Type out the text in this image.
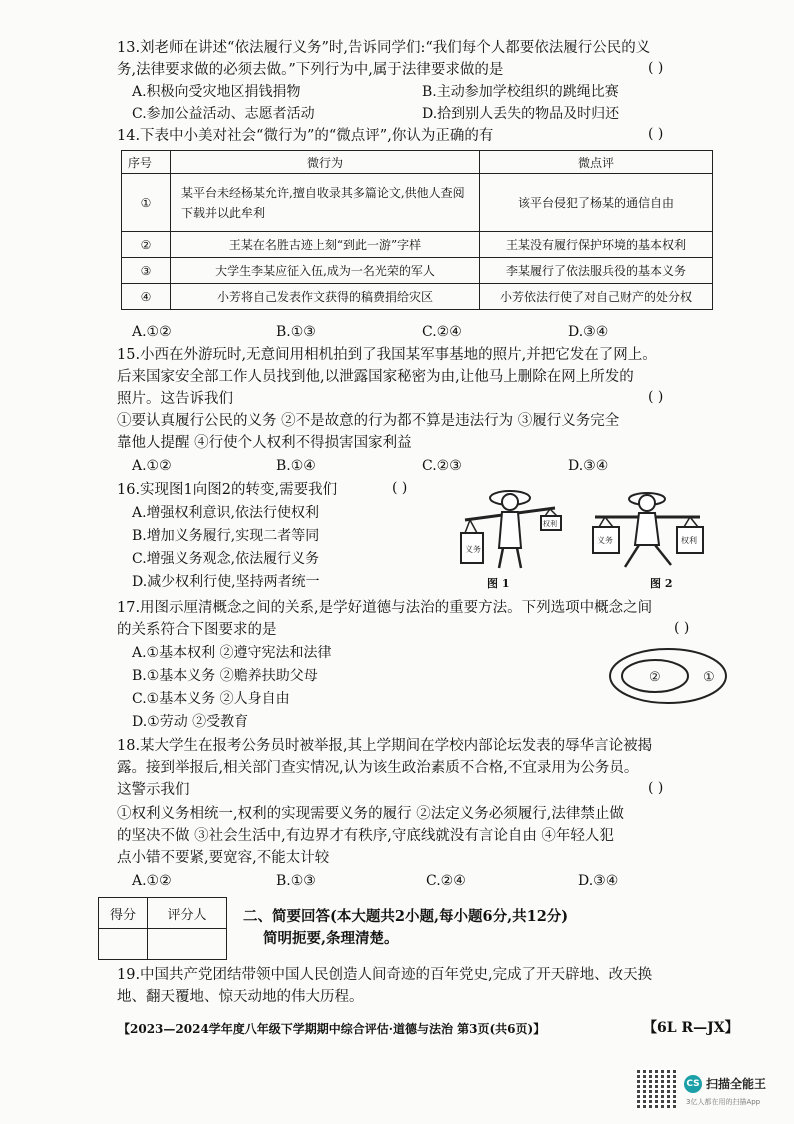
13.刘老师在讲述“依法履行义务”时,告诉同学们:“我们每个人都要依法履行公民的义
务,法律要求做的必须去做。”下列行为中,属于法律要求做的是	( )
A.积极向受灾地区捐钱捐物	B.主动参加学校组织的跳绳比赛
C.参加公益活动、志愿者活动	D.拾到别人丢失的物品及时归还
14.下表中小美对社会“微行为”的“微点评”,你认为正确的有	( )
序号	微行为	微点评
①	某平台未经杨某允许,擅自收录其多篇论文,供他人查阅下载并以此牟利	该平台侵犯了杨某的通信自由
②	王某在名胜古迹上刻“到此一游”字样	王某没有履行保护环境的基本权利
③	大学生李某应征入伍,成为一名光荣的军人	李某履行了依法服兵役的基本义务
④	小芳将自己发表作文获得的稿费捐给灾区	小芳依法行使了对自己财产的处分权
A.①②	B.①③	C.②④	D.③④
15.小西在外游玩时,无意间用相机拍到了我国某军事基地的照片,并把它发在了网上。
后来国家安全部工作人员找到他,以泄露国家秘密为由,让他马上删除在网上所发的
照片。这告诉我们	( )
①要认真履行公民的义务 ②不是故意的行为都不算是违法行为 ③履行义务完全
靠他人提醒 ④行使个人权利不得损害国家利益
A.①②	B.①④	C.②③	D.③④
16.实现图1向图2的转变,需要我们	( )
A.增强权利意识,依法行使权利
B.增加义务履行,实现二者等同
C.增强义务观念,依法履行义务
D.减少权利行使,坚持两者统一
义务
权利
图 1
义务	权利
图 2
17.用图示厘清概念之间的关系,是学好道德与法治的重要方法。下列选项中概念之间
的关系符合下图要求的是	( )
A.①基本权利 ②遵守宪法和法律
B.①基本义务 ②赡养扶助父母
C.①基本义务 ②人身自由
D.①劳动 ②受教育
②	①
18.某大学生在报考公务员时被举报,其上学期间在学校内部论坛发表的辱华言论被揭
露。接到举报后,相关部门查实情况,认为该生政治素质不合格,不宜录用为公务员。
这警示我们	( )
①权利义务相统一,权利的实现需要义务的履行 ②法定义务必须履行,法律禁止做
的坚决不做 ③社会生活中,有边界才有秩序,守底线就没有言论自由 ④年轻人犯
点小错不要紧,要宽容,不能太计较
A.①②	B.①③	C.②④	D.③④
得分	评分人
		二、简要回答(本大题共2小题,每小题6分,共12分)
简明扼要,条理清楚。
19.中国共产党团结带领中国人民创造人间奇迹的百年党史,完成了开天辟地、改天换
地、翻天覆地、惊天动地的伟大历程。
【2023—2024学年度八年级下学期期中综合评估·道德与法治 第3页(共6页)】	【6L R—JX】
CS 扫描全能王
3亿人都在用的扫描App
